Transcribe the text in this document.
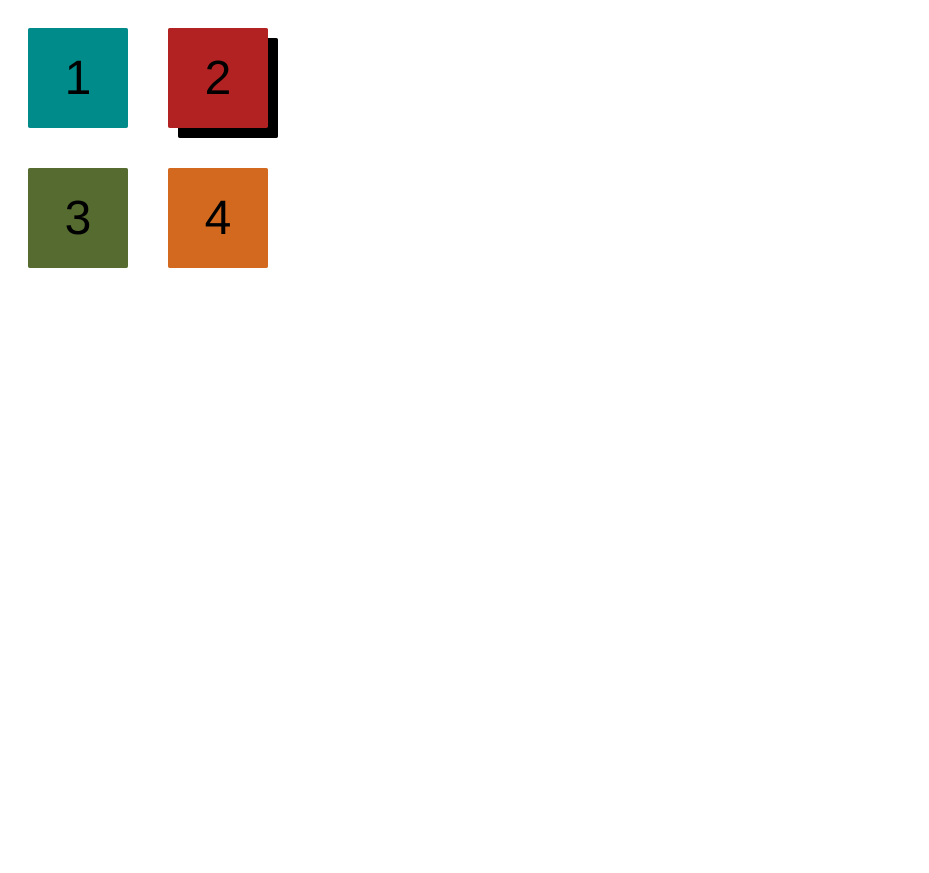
1 2
3 4
